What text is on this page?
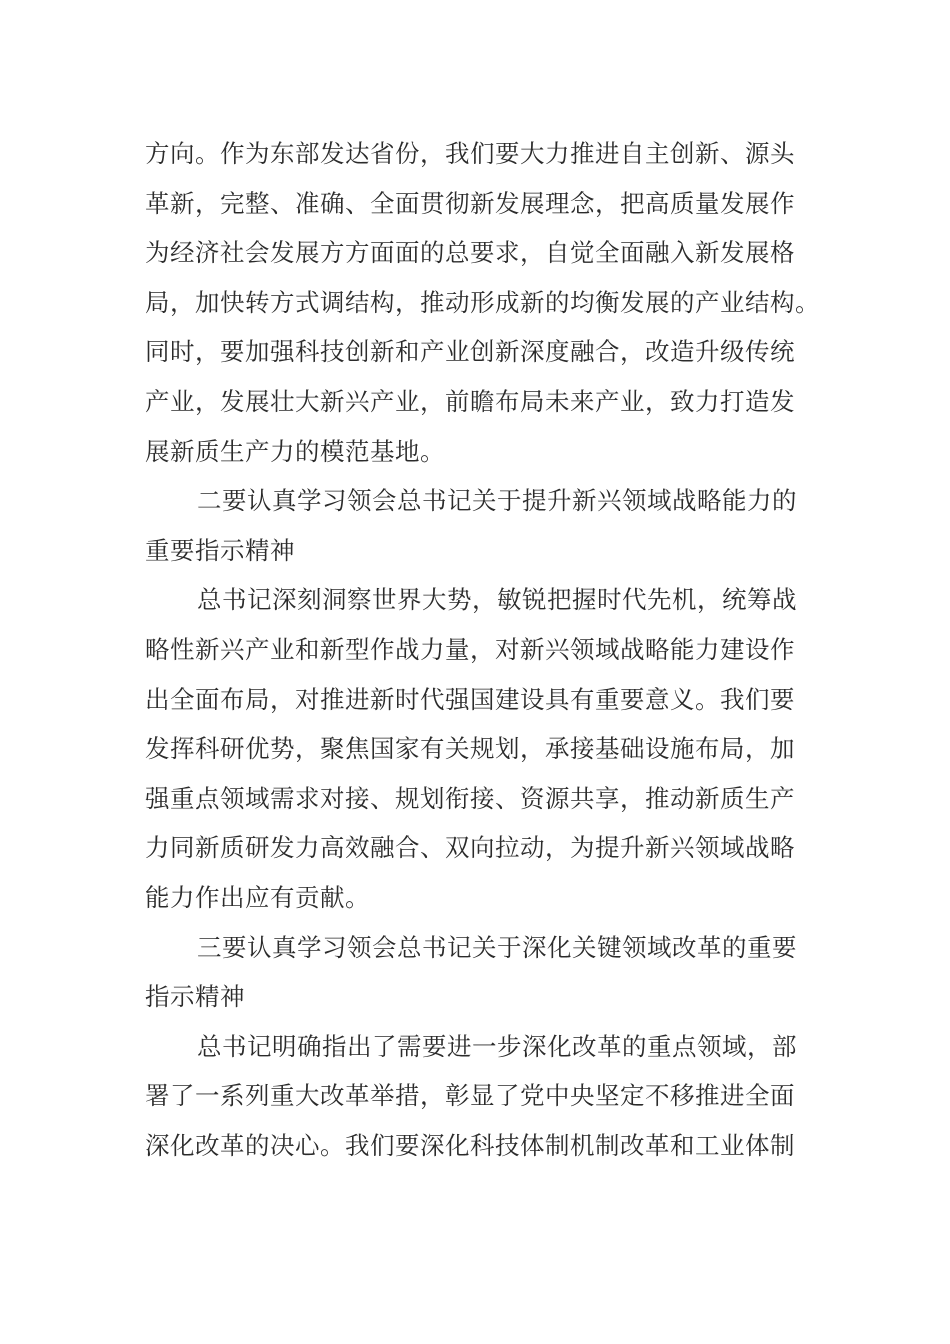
方向。作为东部发达省份，我们要大力推进自主创新、源头
革新，完整、准确、全面贯彻新发展理念，把高质量发展作
为经济社会发展方方面面的总要求，自觉全面融入新发展格
局，加快转方式调结构，推动形成新的均衡发展的产业结构。
同时，要加强科技创新和产业创新深度融合，改造升级传统
产业，发展壮大新兴产业，前瞻布局未来产业，致力打造发
展新质生产力的模范基地。
二要认真学习领会总书记关于提升新兴领域战略能力的
重要指示精神
总书记深刻洞察世界大势，敏锐把握时代先机，统筹战
略性新兴产业和新型作战力量，对新兴领域战略能力建设作
出全面布局，对推进新时代强国建设具有重要意义。我们要
发挥科研优势，聚焦国家有关规划，承接基础设施布局，加
强重点领域需求对接、规划衔接、资源共享，推动新质生产
力同新质研发力高效融合、双向拉动，为提升新兴领域战略
能力作出应有贡献。
三要认真学习领会总书记关于深化关键领域改革的重要
指示精神
总书记明确指出了需要进一步深化改革的重点领域，部
署了一系列重大改革举措，彰显了党中央坚定不移推进全面
深化改革的决心。我们要深化科技体制机制改革和工业体制
